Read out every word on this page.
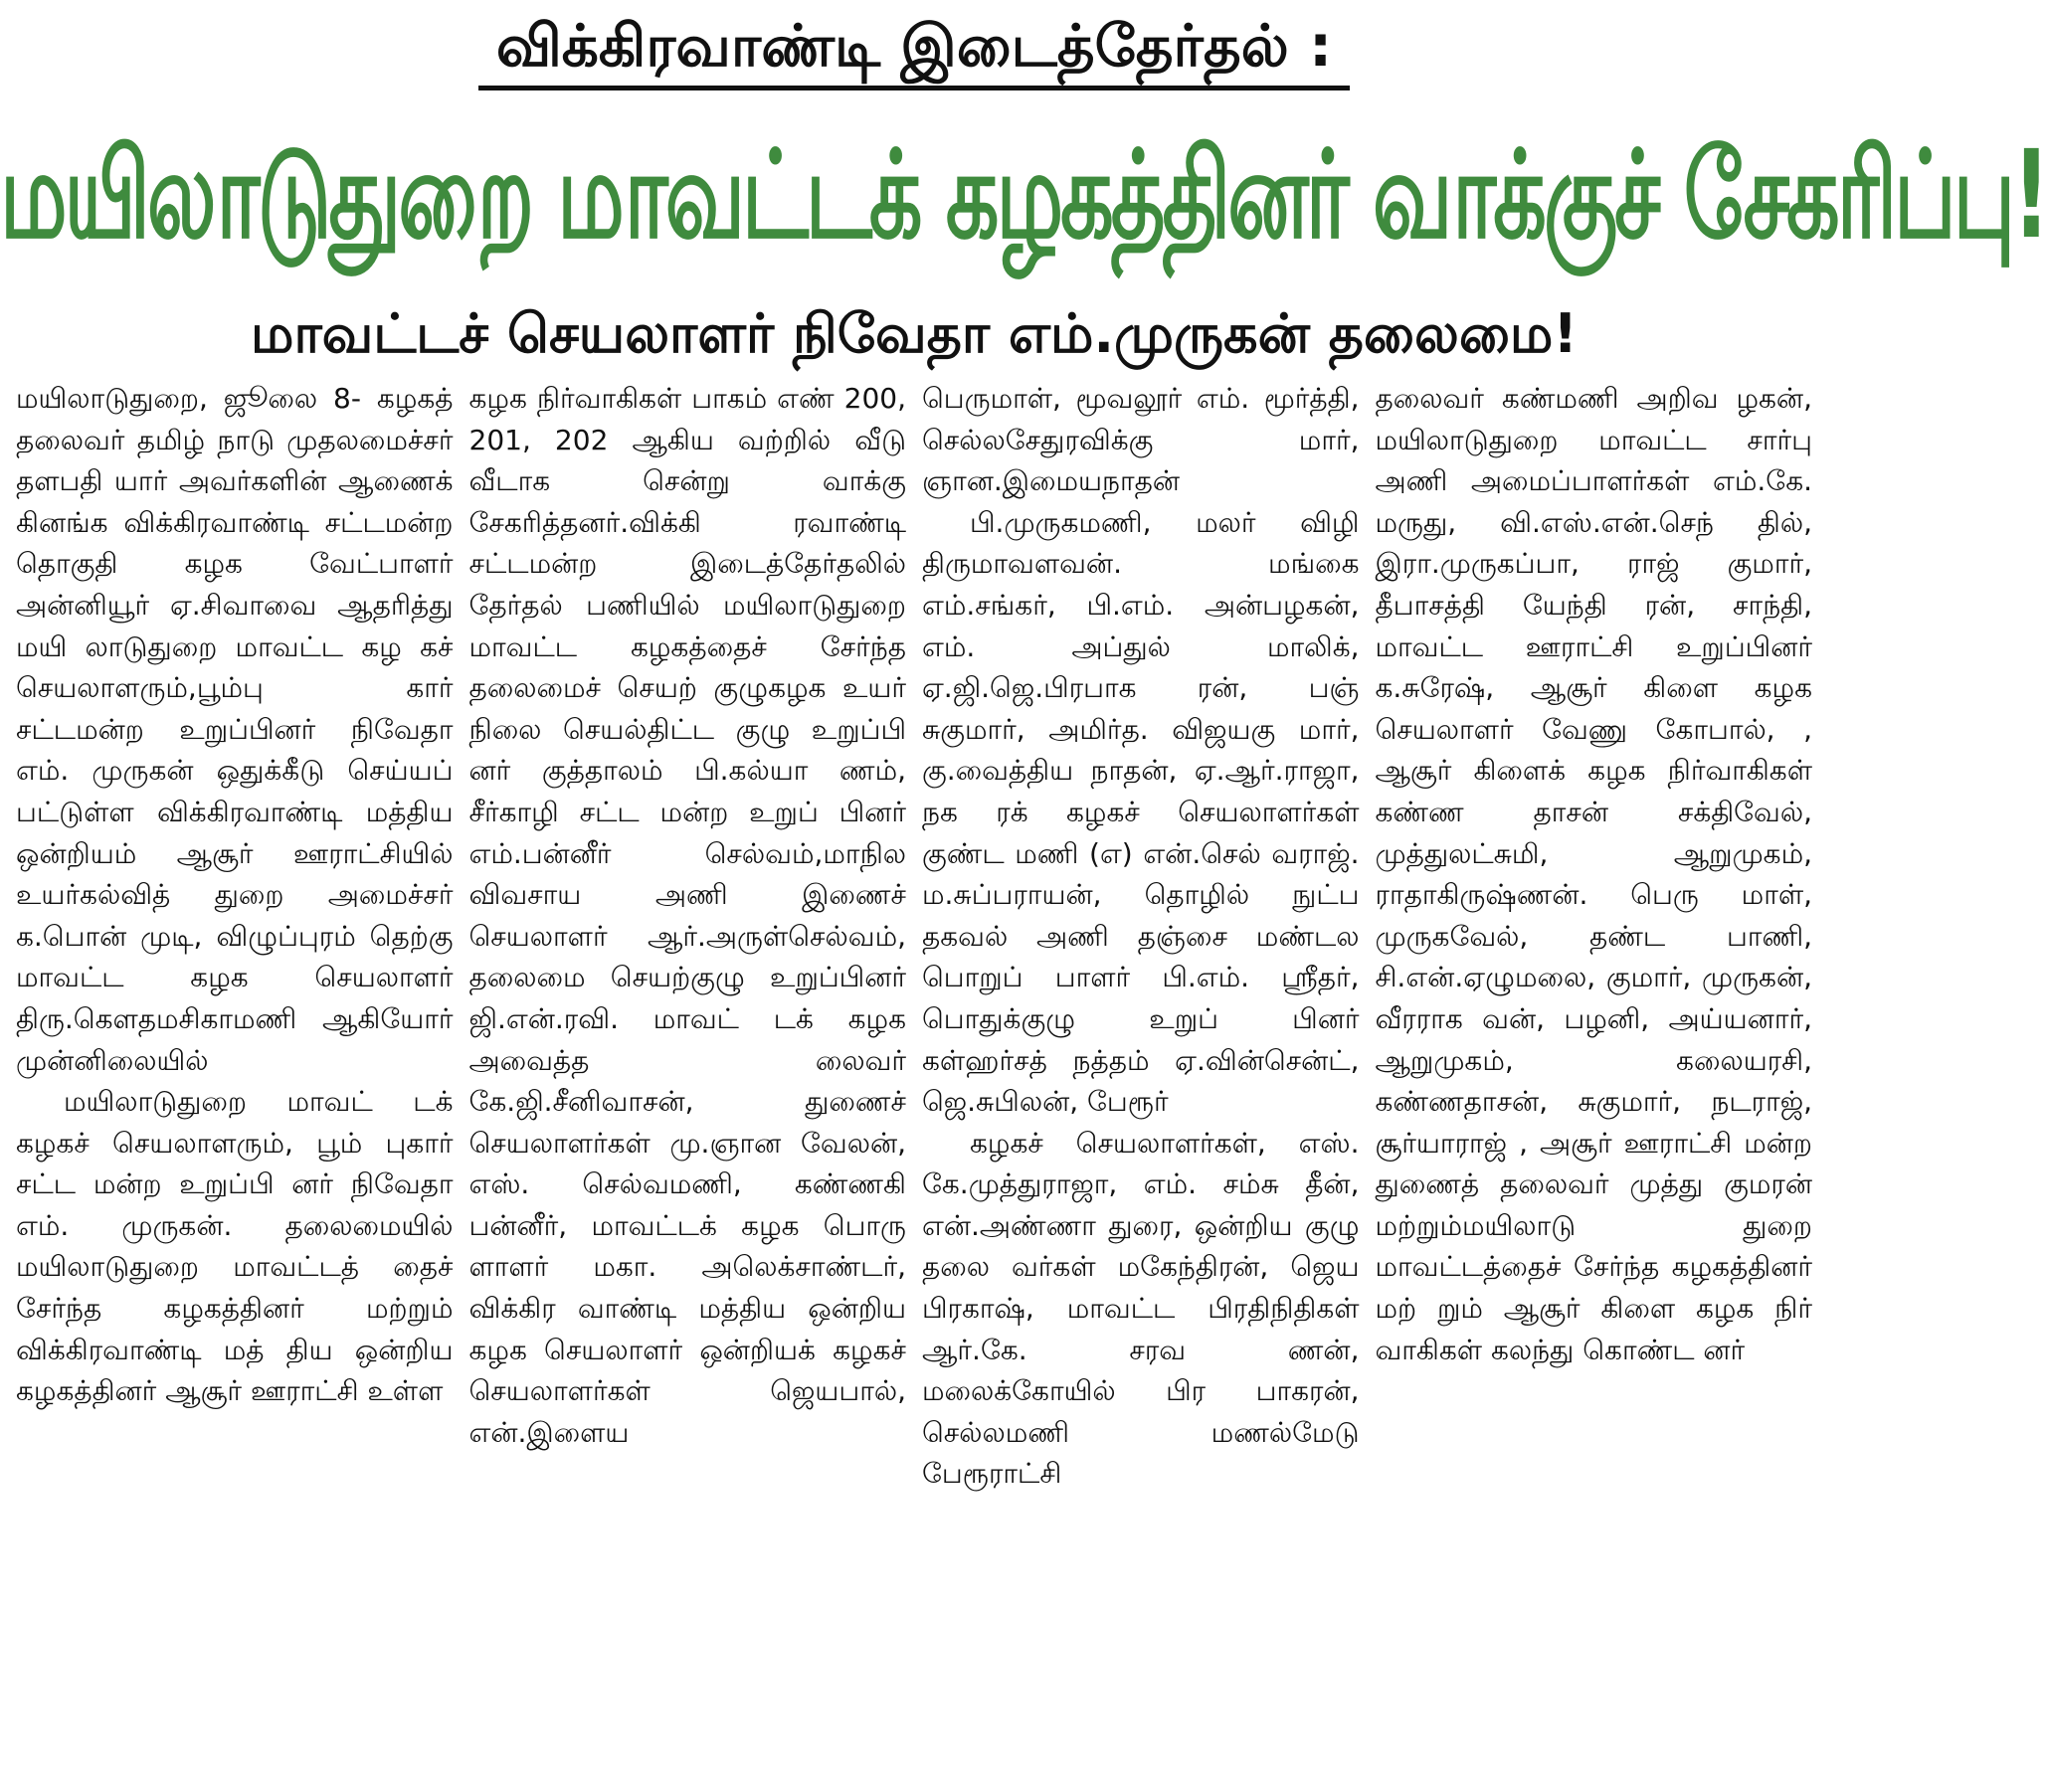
விக்கிரவாண்டி இடைத்தேர்தல் :
மயிலாடுதுறை மாவட்டக் கழகத்தினர் வாக்குச் சேகரிப்பு!
மாவட்டச் செயலாளர் நிவேதா எம்.முருகன் தலைமை!

மயிலாடுதுறை, ஜூலை 8- கழகத் தலைவர் தமிழ் நாடு முதலமைச்சர் தளபதி யார் அவர்களின் ஆணைக் கினங்க விக்கிரவாண்டி சட்டமன்ற தொகுதி கழக வேட்பாளர் அன்னியூர் ஏ.சிவாவை ஆதரித்து மயி லாடுதுறை மாவட்ட கழ கச் செயலாளரும்,பூம்பு கார் சட்டமன்ற உறுப்பினர் நிவேதா எம். முருகன் ஒதுக்கீடு செய்யப் பட்டுள்ள விக்கிரவாண்டி மத்திய ஒன்றியம் ஆசூர் ஊராட்சியில் உயர்கல்வித் துறை அமைச்சர் க.பொன் முடி, விழுப்புரம் தெற்கு மாவட்ட கழக செயலாளர் திரு.கௌதமசிகாமணி ஆகியோர் முன்னிலையில்

மயிலாடுதுறை மாவட் டக் கழகச் செயலாளரும், பூம் புகார் சட்ட மன்ற உறுப்பி னர் நிவேதா எம். முருகன். தலைமையில் மயிலாடுதுறை மாவட்டத் தைச் சேர்ந்த கழகத்தினர் மற்றும் விக்கிரவாண்டி மத் திய ஒன்றிய கழகத்தினர் ஆசூர் ஊராட்சி உள்ள

கழக நிர்வாகிகள் பாகம் எண் 200, 201, 202 ஆகிய வற்றில் வீடு வீடாக சென்று வாக்கு சேகரித்தனர்.விக்கி ரவாண்டி சட்டமன்ற இடைத்தேர்தலில் தேர்தல் பணியில் மயிலாடுதுறை மாவட்ட கழகத்தைச் சேர்ந்த தலைமைச் செயற் குழுகழக உயர் நிலை செயல்திட்ட குழு உறுப்பி னர் குத்தாலம் பி.கல்யா ணம், சீர்காழி சட்ட மன்ற உறுப் பினர் எம்.பன்னீர் செல்வம்,மாநில விவசாய அணி இணைச் செயலாளர் ஆர்.அருள்செல்வம், தலைமை செயற்குழு உறுப்பினர் ஜி.என்.ரவி. மாவட் டக் கழக அவைத்த லைவர் கே.ஜி.சீனிவாசன், துணைச் செயலாளர்கள் மு.ஞான வேலன், எஸ். செல்வமணி, கண்ணகி பன்னீர், மாவட்டக் கழக பொரு ளாளர் மகா. அலெக்சாண்டர், விக்கிர வாண்டி மத்திய ஒன்றிய கழக செயலாளர் ஒன்றியக் கழகச் செயலாளர்கள் ஜெயபால், என்.இளைய

பெருமாள், மூவலூர் எம். மூர்த்தி, செல்லசேதுரவிக்கு மார், ஞான.இமையநாதன்

பி.முருகமணி, மலர் விழி திருமாவளவன். மங்கை எம்.சங்கர், பி.எம். அன்பழகன், எம். அப்துல் மாலிக், ஏ.ஜி.ஜெ.பிரபாக ரன், பஞ் சுகுமார், அமிர்த. விஜயகு மார், கு.வைத்திய நாதன், ஏ.ஆர்.ராஜா, நக ரக் கழகச் செயலாளர்கள் குண்ட மணி (எ) என்.செல் வராஜ். ம.சுப்பராயன், தொழில் நுட்ப தகவல் அணி தஞ்சை மண்டல பொறுப் பாளர் பி.எம். ஸ்ரீதர், பொதுக்குழு உறுப் பினர் கள்ஹர்சத் நத்தம் ஏ.வின்சென்ட், ஜெ.சுபிலன், பேரூர்

கழகச் செயலாளர்கள், எஸ். கே.முத்துராஜா, எம். சம்சு தீன், என்.அண்ணா துரை, ஒன்றிய குழு தலை வர்கள் மகேந்திரன், ஜெய பிரகாஷ், மாவட்ட பிரதிநிதிகள் ஆர்.கே. சரவ ணன், மலைக்கோயில் பிர பாகரன், செல்லமணி மணல்மேடு பேரூராட்சி

தலைவர் கண்மணி அறிவ ழகன், மயிலாடுதுறை மாவட்ட சார்பு அணி அமைப்பாளர்கள் எம்.கே. மருது, வி.எஸ்.என்.செந் தில், இரா.முருகப்பா, ராஜ் குமார், தீபாசத்தி யேந்தி ரன், சாந்தி, மாவட்ட ஊராட்சி உறுப்பினர் க.சுரேஷ், ஆசூர் கிளை கழக செயலாளர் வேணு கோபால், , ஆசூர் கிளைக் கழக நிர்வாகிகள் கண்ண தாசன் சக்திவேல், முத்துலட்சுமி, ஆறுமுகம், ராதாகிருஷ்ணன். பெரு மாள், முருகவேல், தண்ட பாணி, சி.என்.ஏழுமலை, குமார், முருகன், வீரராக வன், பழனி, அய்யனார், ஆறுமுகம், கலையரசி, கண்ணதாசன், சுகுமார், நடராஜ், சூர்யாராஜ் , அசூர் ஊராட்சி மன்ற துணைத் தலைவர் முத்து குமரன் மற்றும்மயிலாடு துறை மாவட்டத்தைச் சேர்ந்த கழகத்தினர் மற் றும் ஆசூர் கிளை கழக நிர் வாகிகள் கலந்து கொண்ட னர்
